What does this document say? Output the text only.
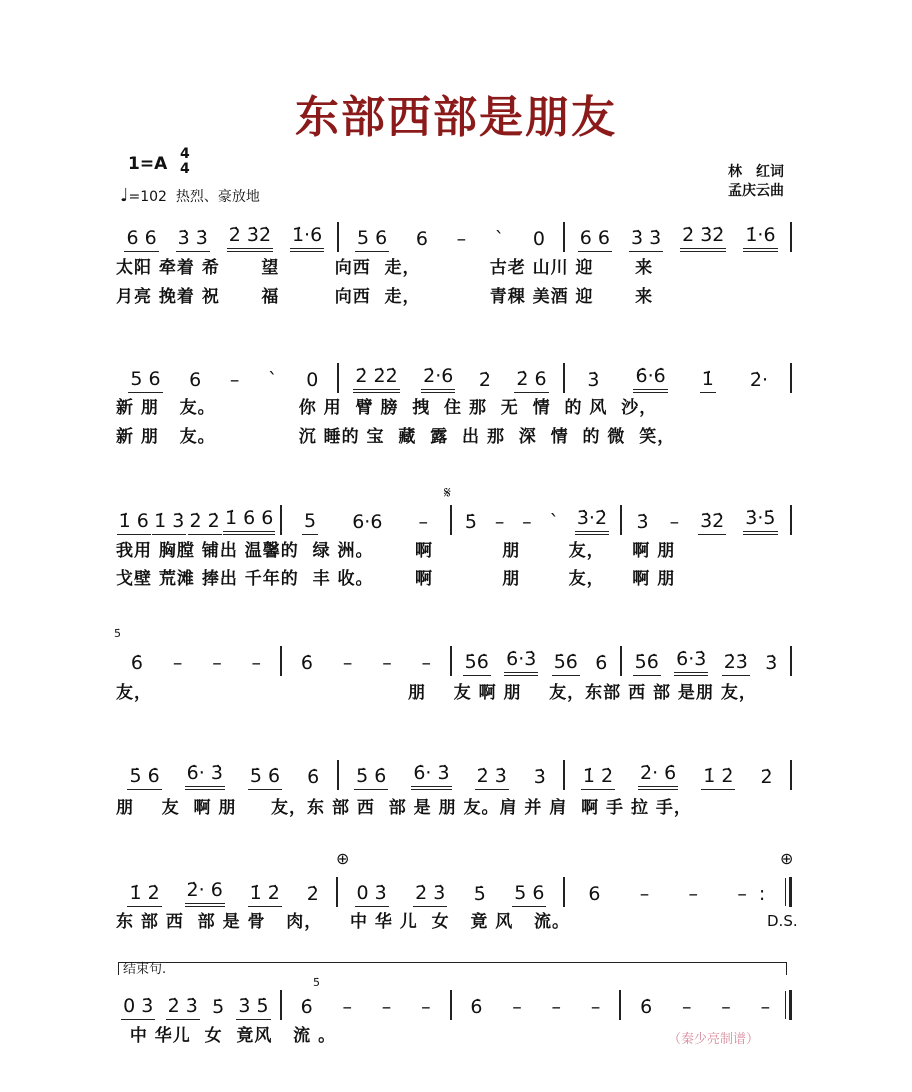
东部西部是朋友
1=A 4
4
♩=102 热烈、豪放地
林　红词
孟庆云曲
6 6 3̇ 3̇ 2̇ 3̇2̇ 1̇·6 5 6 6 – ˋ 0 6 6 3̇ 3̇ 2̇ 3̇2̇ 1̇·6
5 6 6 – ˋ 0 2̇ 2̇2̇ 2̇·6 2̇ 2̇ 6 3̇ 6̇·6̇ 1̇ 2̇·
1̇ 6 1̇ 3̇ 2̇ 2̇ 1̇ 6 6 5 6·6 – 5̇ – – ˋ 3̇·2̇ 3̇ – 3̇2̇ 3̇·5̇
6̇ – – – 6̇ – – – 5̇6̇ 6̇·3̇ 5̇6̇ 6̇ 5̇6̇ 6̇·3̇ 2̇3̇ 3̇
5̇ 6̇ 6̇· 3̇ 5̇ 6̇ 6̇ 5̇ 6̇ 6̇· 3̇ 2̇ 3̇ 3̇ 1̇ 2̇ 2̇· 6̇ 1̇ 2̇ 2̇
1̇ 2̇ 2̇· 6 1̇ 2̇ 2̇ 0 3̇ 2̇ 3̇ 5̇ 5 6 6 – – –  :
0 3̇ 2̇ 3̇ 5̇ 3̇ 5̇ 6̇ – – – 6̇ – – – 6̇ – – –
太阳 牵着 希      望        向西  走，          古老 山川 迎      来
月亮 挽着 祝      福        向西  走，          青稞 美酒 迎      来
新 朋   友。            你 用  臂 膀  拽  住 那  无  情  的 风  沙，
新 朋   友。            沉 睡的 宝  藏  露  出 那  深  情  的 微  笑，
我用 胸膛 铺出 温馨的  绿 洲。      啊          朋       友，    啊 朋
戈壁 荒滩 捧出 千年的  丰 收。      啊          朋       友，    啊 朋
友，                                     朋    友 啊 朋    友，东部 西 部 是朋 友，
朋    友  啊 朋     友，东 部 西  部 是 朋 友。肩 并 肩  啊 手 拉 手，
东 部 西  部 是 骨   肉，    中 华 儿  女   竟 风   流。
中 华儿  女  竟风   流 。
𝄋
⊕	⊕
D.S.
5̇
5̇
结束句.
（秦少亮制谱）
